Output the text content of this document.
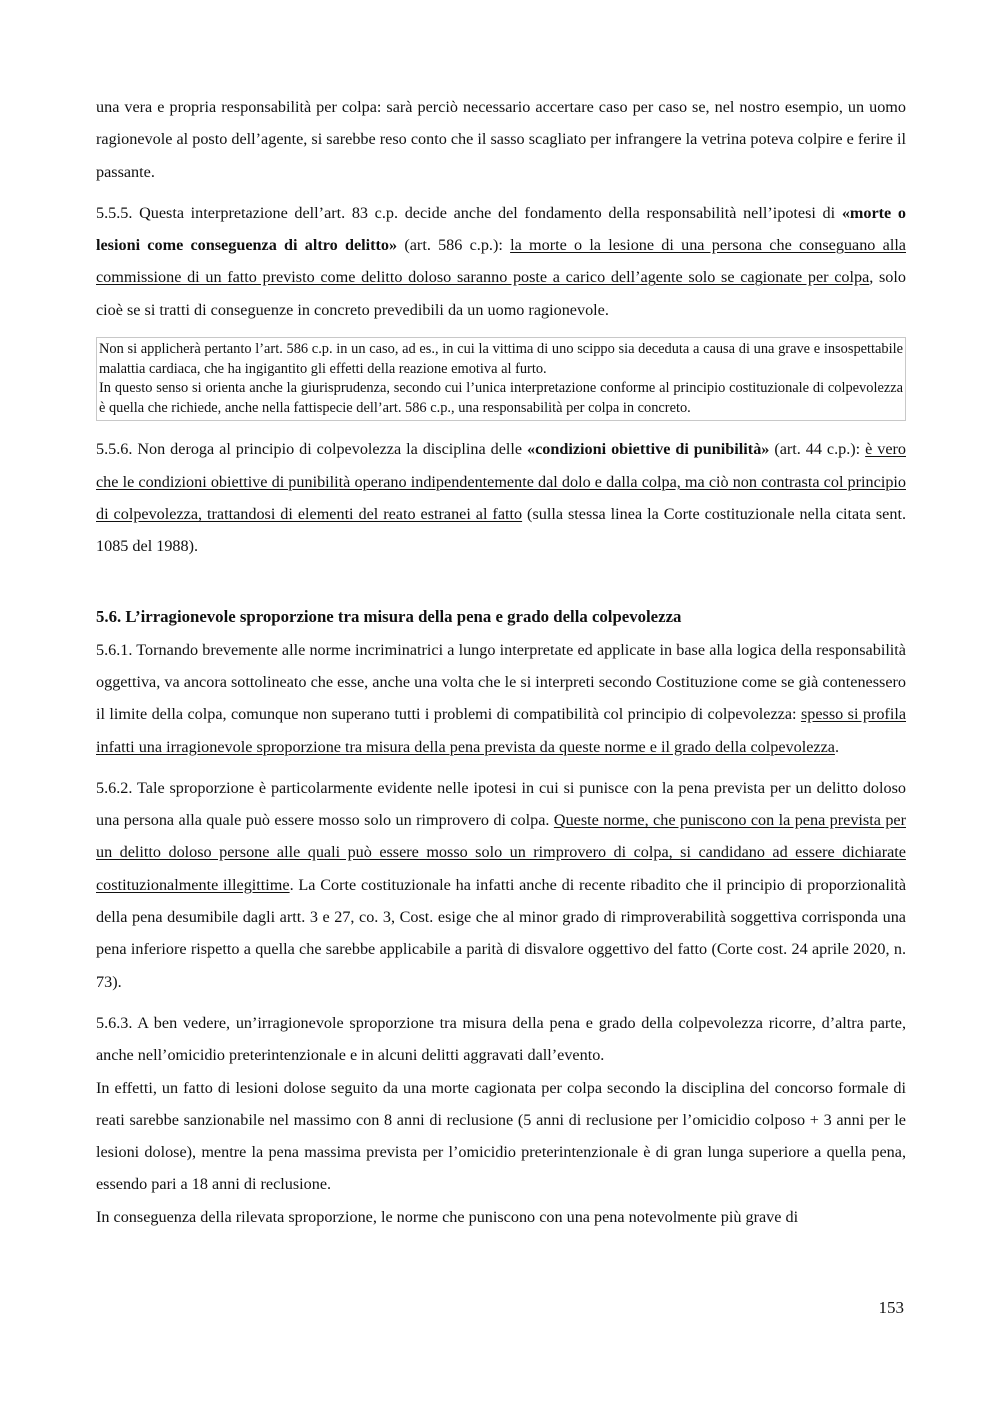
una vera e propria responsabilità per colpa: sarà perciò necessario accertare caso per caso se, nel nostro esempio, un uomo ragionevole al posto dell’agente, si sarebbe reso conto che il sasso scagliato per infrangere la vetrina poteva colpire e ferire il passante.

5.5.5. Questa interpretazione dell’art. 83 c.p. decide anche del fondamento della responsabilità nell’ipotesi di «morte o lesioni come conseguenza di altro delitto» (art. 586 c.p.): la morte o la lesione di una persona che conseguano alla commissione di un fatto previsto come delitto doloso saranno poste a carico dell’agente solo se cagionate per colpa, solo cioè se si tratti di conseguenze in concreto prevedibili da un uomo ragionevole.

Non si applicherà pertanto l’art. 586 c.p. in un caso, ad es., in cui la vittima di uno scippo sia deceduta a causa di una grave e insospettabile malattia cardiaca, che ha ingigantito gli effetti della reazione emotiva al furto.

In questo senso si orienta anche la giurisprudenza, secondo cui l’unica interpretazione conforme al principio costituzionale di colpevolezza è quella che richiede, anche nella fattispecie dell’art. 586 c.p., una responsabilità per colpa in concreto.

5.5.6. Non deroga al principio di colpevolezza la disciplina delle «condizioni obiettive di punibilità» (art. 44 c.p.): è vero che le condizioni obiettive di punibilità operano indipendentemente dal dolo e dalla colpa, ma ciò non contrasta col principio di colpevolezza, trattandosi di elementi del reato estranei al fatto (sulla stessa linea la Corte costituzionale nella citata sent. 1085 del 1988).

5.6. L’irragionevole sproporzione tra misura della pena e grado della colpevolezza

5.6.1. Tornando brevemente alle norme incriminatrici a lungo interpretate ed applicate in base alla logica della responsabilità oggettiva, va ancora sottolineato che esse, anche una volta che le si interpreti secondo Costituzione come se già contenessero il limite della colpa, comunque non superano tutti i problemi di compatibilità col principio di colpevolezza: spesso si profila infatti una irragionevole sproporzione tra misura della pena prevista da queste norme e il grado della colpevolezza.

5.6.2. Tale sproporzione è particolarmente evidente nelle ipotesi in cui si punisce con la pena prevista per un delitto doloso una persona alla quale può essere mosso solo un rimprovero di colpa. Queste norme, che puniscono con la pena prevista per un delitto doloso persone alle quali può essere mosso solo un rimprovero di colpa, si candidano ad essere dichiarate costituzionalmente illegittime. La Corte costituzionale ha infatti anche di recente ribadito che il principio di proporzionalità della pena desumibile dagli artt. 3 e 27, co. 3, Cost. esige che al minor grado di rimproverabilità soggettiva corrisponda una pena inferiore rispetto a quella che sarebbe applicabile a parità di disvalore oggettivo del fatto (Corte cost. 24 aprile 2020, n. 73).

5.6.3. A ben vedere, un’irragionevole sproporzione tra misura della pena e grado della colpevolezza ricorre, d’altra parte, anche nell’omicidio preterintenzionale e in alcuni delitti aggravati dall’evento.

In effetti, un fatto di lesioni dolose seguito da una morte cagionata per colpa secondo la disciplina del concorso formale di reati sarebbe sanzionabile nel massimo con 8 anni di reclusione (5 anni di reclusione per l’omicidio colposo + 3 anni per le lesioni dolose), mentre la pena massima prevista per l’omicidio preterintenzionale è di gran lunga superiore a quella pena, essendo pari a 18 anni di reclusione.

In conseguenza della rilevata sproporzione, le norme che puniscono con una pena notevolmente più grave di

153
